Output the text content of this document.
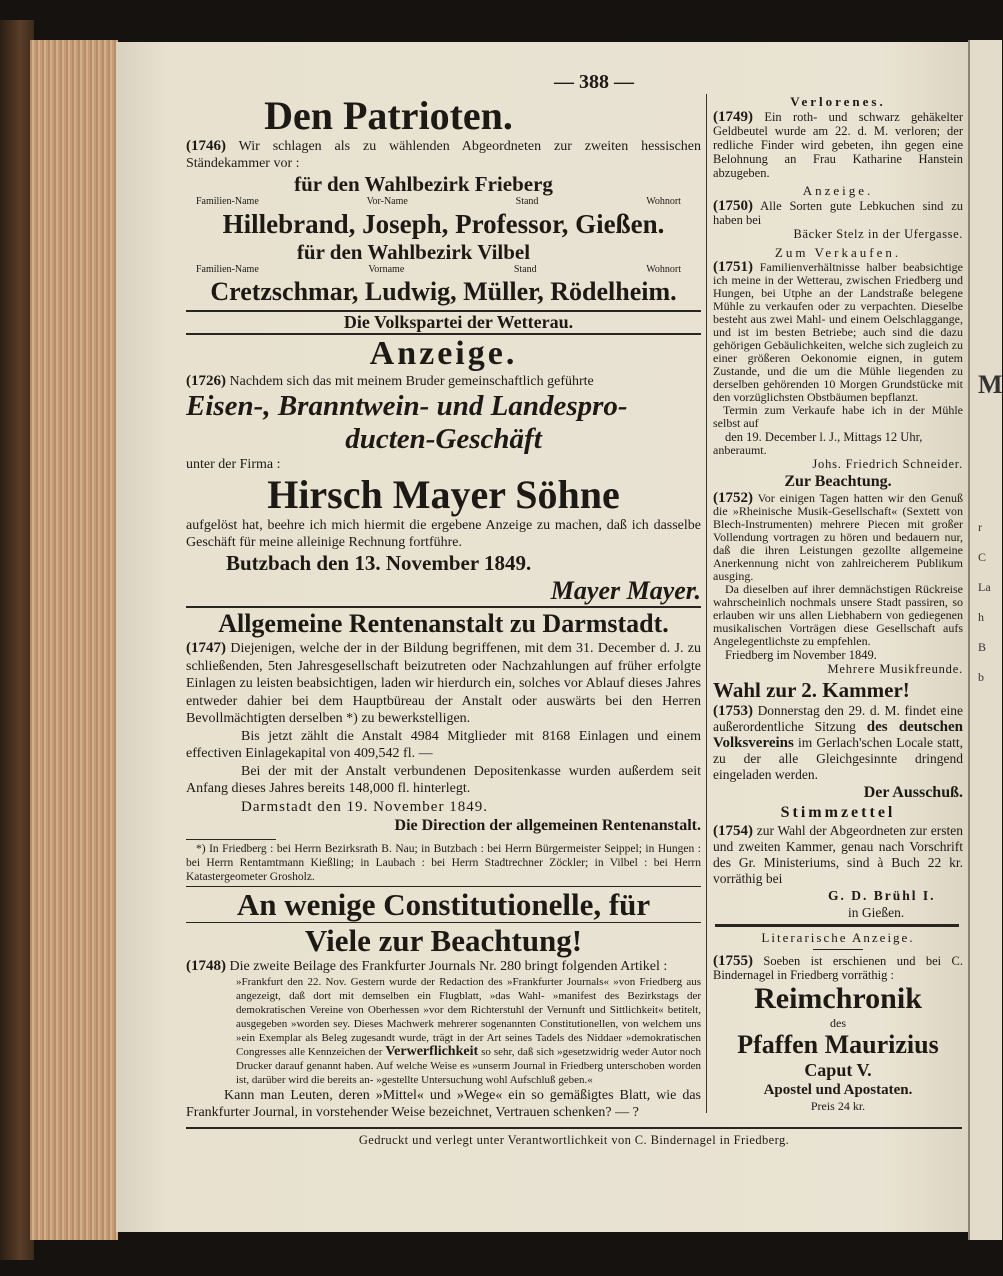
M
r
C
La
h
B
b
— 388 —
Den Patrioten.

(1746) Wir schlagen als zu wählenden Abgeordneten zur zweiten hessischen Ständekammer vor :

für den Wahlbezirk Frieberg
Familien-Name	Vor-Name	Stand	Wohnort
Hillebrand, Joseph, Professor, Gießen.
für den Wahlbezirk Vilbel
Familien-Name	Vorname	Stand	Wohnort
Cretzschmar, Ludwig, Müller, Rödelheim.
Die Volkspartei der Wetterau.
Anzeige.

(1726) Nachdem sich das mit meinem Bruder gemeinschaftlich geführte

Eisen-, Branntwein- und Landespro-
ducten-Geschäft
unter der Firma :
Hirsch Mayer Söhne

aufgelöst hat, beehre ich mich hiermit die ergebene Anzeige zu machen, daß ich dasselbe Geschäft für meine alleinige Rechnung fortführe.

Butzbach den 13. November 1849.
Mayer Mayer.
Allgemeine Rentenanstalt zu Darmstadt.

(1747) Diejenigen, welche der in der Bildung begriffenen, mit dem 31. December d. J. zu schließenden, 5ten Jahresgesellschaft beizutreten oder Nachzahlungen auf früher erfolgte Einlagen zu leisten beabsichtigen, laden wir hierdurch ein, solches vor Ablauf dieses Jahres entweder dahier bei dem Hauptbüreau der Anstalt oder auswärts bei den Herren Bevollmächtigten derselben *) zu bewerkstelligen.

Bis jetzt zählt die Anstalt 4984 Mitglieder mit 8168 Einlagen und einem effectiven Einlagekapital von 409,542 fl. —

Bei der mit der Anstalt verbundenen Depositenkasse wurden außerdem seit Anfang dieses Jahres bereits 148,000 fl. hinterlegt.

Darmstadt den 19. November 1849.
Die Direction der allgemeinen Rentenanstalt.

*) In Friedberg : bei Herrn Bezirksrath B. Nau; in Butzbach : bei Herrn Bürgermeister Seippel; in Hungen : bei Herrn Rentamtmann Kießling; in Laubach : bei Herrn Stadtrechner Zöckler; in Vilbel : bei Herrn Katastergeometer Grosholz.

An wenige Constitutionelle, für
Viele zur Beachtung!

(1748) Die zweite Beilage des Frankfurter Journals Nr. 280 bringt folgenden Artikel :

»Frankfurt den 22. Nov. Gestern wurde der Redaction des »Frankfurter Journals« »von Friedberg aus angezeigt, daß dort mit demselben ein Flugblatt, »das Wahl- »manifest des Bezirkstags der demokratischen Vereine von Oberhessen »vor dem Richterstuhl der Vernunft und Sittlichkeit« betitelt, ausgegeben »worden sey. Dieses Machwerk mehrerer sogenannten Constitutionellen, von welchem uns »ein Exemplar als Beleg zugesandt wurde, trägt in der Art seines Tadels des Niddaer »demokratischen Congresses alle Kennzeichen der Verwerflichkeit so sehr, daß sich »gesetzwidrig weder Autor noch Drucker darauf genannt haben. Auf welche Weise es »unserm Journal in Friedberg unterschoben worden ist, darüber wird die bereits an- »gestellte Untersuchung wohl Aufschluß geben.«

Kann man Leuten, deren »Mittel« und »Wege« ein so gemäßigtes Blatt, wie das Frankfurter Journal, in vorstehender Weise bezeichnet, Vertrauen schenken? — ?

Verlorenes.

(1749) Ein roth- und schwarz gehäkelter Geldbeutel wurde am 22. d. M. verloren; der redliche Finder wird gebeten, ihn gegen eine Belohnung an Frau Katharine Hanstein abzugeben.

Anzeige.

(1750) Alle Sorten gute Lebkuchen sind zu haben bei

Bäcker Stelz in der Ufergasse.
Zum Verkaufen.

(1751) Familienverhältnisse halber beabsichtige ich meine in der Wetterau, zwischen Friedberg und Hungen, bei Utphe an der Landstraße belegene Mühle zu verkaufen oder zu verpachten. Dieselbe besteht aus zwei Mahl- und einem Oelschlaggange, und ist im besten Betriebe; auch sind die dazu gehörigen Gebäulichkeiten, welche sich zugleich zu einer größeren Oekonomie eignen, in gutem Zustande, und die um die Mühle liegenden zu derselben gehörenden 10 Morgen Grundstücke mit den vorzüglichsten Obstbäumen bepflanzt.

Termin zum Verkaufe habe ich in der Mühle selbst auf

den 19. December l. J., Mittags 12 Uhr,
anberaumt.
Johs. Friedrich Schneider.
Zur Beachtung.

(1752) Vor einigen Tagen hatten wir den Genuß die »Rheinische Musik-Gesellschaft« (Sextett von Blech-Instrumenten) mehrere Piecen mit großer Vollendung vortragen zu hören und bedauern nur, daß die ihren Leistungen gezollte allgemeine Anerkennung nicht von zahlreicherem Publikum ausging.

Da dieselben auf ihrer demnächstigen Rückreise wahrscheinlich nochmals unsere Stadt passiren, so erlauben wir uns allen Liebhabern von gediegenen musikalischen Vorträgen diese Gesellschaft aufs Angelegentlichste zu empfehlen.

Friedberg im November 1849.
Mehrere Musikfreunde.
Wahl zur 2. Kammer!

(1753) Donnerstag den 29. d. M. findet eine außerordentliche Sitzung des deutschen Volksvereins im Gerlach'schen Locale statt, zu der alle Gleichgesinnte dringend eingeladen werden.

Der Ausschuß.
Stimmzettel

(1754) zur Wahl der Abgeordneten zur ersten und zweiten Kammer, genau nach Vorschrift des Gr. Ministeriums, sind à Buch 22 kr. vorräthig bei

G. D. Brühl I.
in Gießen.
Literarische Anzeige.

(1755) Soeben ist erschienen und bei C. Bindernagel in Friedberg vorräthig :

Reimchronik
des
Pfaffen Maurizius
Caput V.
Apostel und Apostaten.
Preis 24 kr.
Gedruckt und verlegt unter Verantwortlichkeit von C. Bindernagel in Friedberg.
